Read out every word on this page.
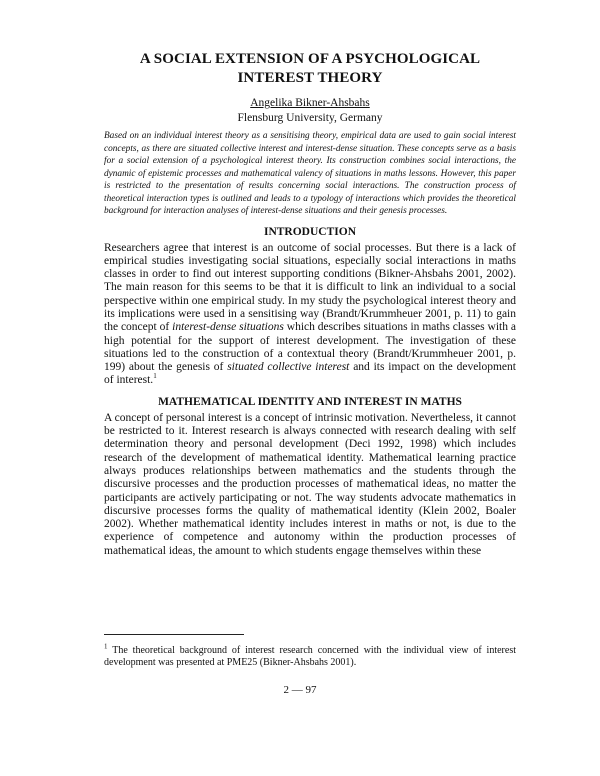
A SOCIAL EXTENSION OF A PSYCHOLOGICAL
INTEREST THEORY
Angelika Bikner-Ahsbahs
Flensburg University, Germany
Based on an individual interest theory as a sensitising theory, empirical data are used to gain social interest concepts, as there are situated collective interest and interest-dense situation. These concepts serve as a basis for a social extension of a psychological interest theory. Its construction combines social interactions, the dynamic of epistemic processes and mathematical valency of situations in maths lessons. However, this paper is restricted to the presentation of results concerning social interactions. The construction process of theoretical interaction types is outlined and leads to a typology of interactions which provides the theoretical background for interaction analyses of interest-dense situations and their genesis processes.
INTRODUCTION

Researchers agree that interest is an outcome of social processes. But there is a lack of empirical studies investigating social situations, especially social interactions in maths classes in order to find out interest supporting conditions (Bikner-Ahsbahs 2001, 2002). The main reason for this seems to be that it is difficult to link an individual to a social perspective within one empirical study. In my study the psychological interest theory and its implications were used in a sensitising way (Brandt/Krummheuer 2001, p. 11) to gain the concept of interest-dense situations which describes situations in maths classes with a high potential for the support of interest development. The investigation of these situations led to the construction of a contextual theory (Brandt/Krummheuer 2001, p. 199) about the genesis of situated collective interest and its impact on the development of interest.$^1$

MATHEMATICAL IDENTITY AND INTEREST IN MATHS

A concept of personal interest is a concept of intrinsic motivation. Nevertheless, it cannot be restricted to it. Interest research is always connected with research dealing with self determination theory and personal development (Deci 1992, 1998) which includes research of the development of mathematical identity. Mathematical learning practice always produces relationships between mathematics and the students through the discursive processes and the production processes of mathematical ideas, no matter the participants are actively participating or not. The way students advocate mathematics in discursive processes forms the quality of mathematical identity (Klein 2002, Boaler 2002). Whether mathematical identity includes interest in maths or not, is due to the experience of competence and autonomy within the production processes of mathematical ideas, the amount to which students engage themselves within these

$^1$ The theoretical background of interest research concerned with the individual view of interest development was presented at PME25 (Bikner-Ahsbahs 2001).
2 — 97
